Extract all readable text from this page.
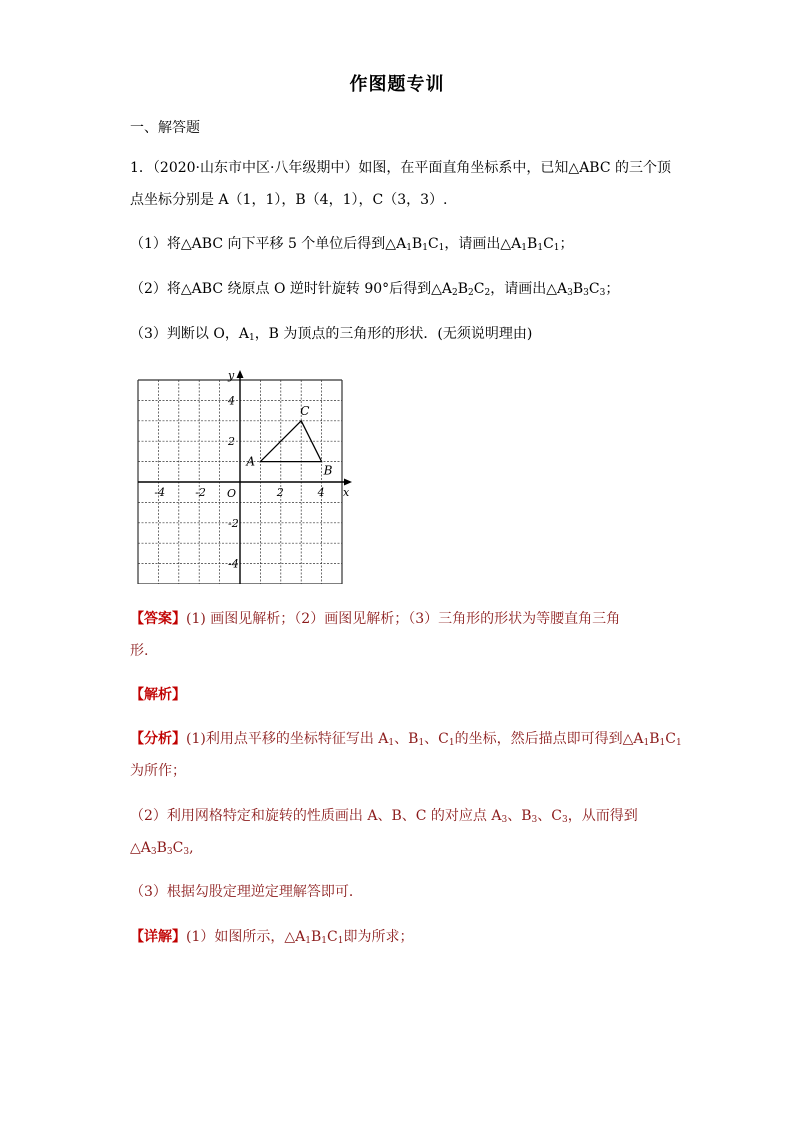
作图题专训
一、解答题
1．（2020·山东市中区·八年级期中）如图，在平面直角坐标系中，已知△ABC 的三个顶
点坐标分别是 A（1，1），B（4，1），C（3，3）.
（1）将△ABC 向下平移 5 个单位后得到$\triangle A_1B_1C_1$，请画出$\triangle A_1B_1C_1$；
（2）将△ABC 绕原点 O 逆时针旋转 90°后得到$\triangle A_2B_2C_2$，请画出$\triangle A_3B_3C_3$；
（3）判断以 O，$A_1$，B 为顶点的三角形的形状．(无须说明理由)
-4	-2	2	4
4
2
-2
-4
O	x
y
A
B
C
【答案】(1) 画图见解析；（2）画图见解析；（3）三角形的形状为等腰直角三角
形.
【解析】
【分析】(1)利用点平移的坐标特征写出 $A_1$、$B_1$、$C_1$的坐标，然后描点即可得到$\triangle A_1B_1C_1$
为所作；
（2）利用网格特定和旋转的性质画出 A、B、C 的对应点 $A_3$、$B_3$、$C_3$，从而得到
$\triangle A_3B_3C_3$,
（3）根据勾股定理逆定理解答即可．
【详解】(1）如图所示，$\triangle A_1B_1C_1$即为所求；
